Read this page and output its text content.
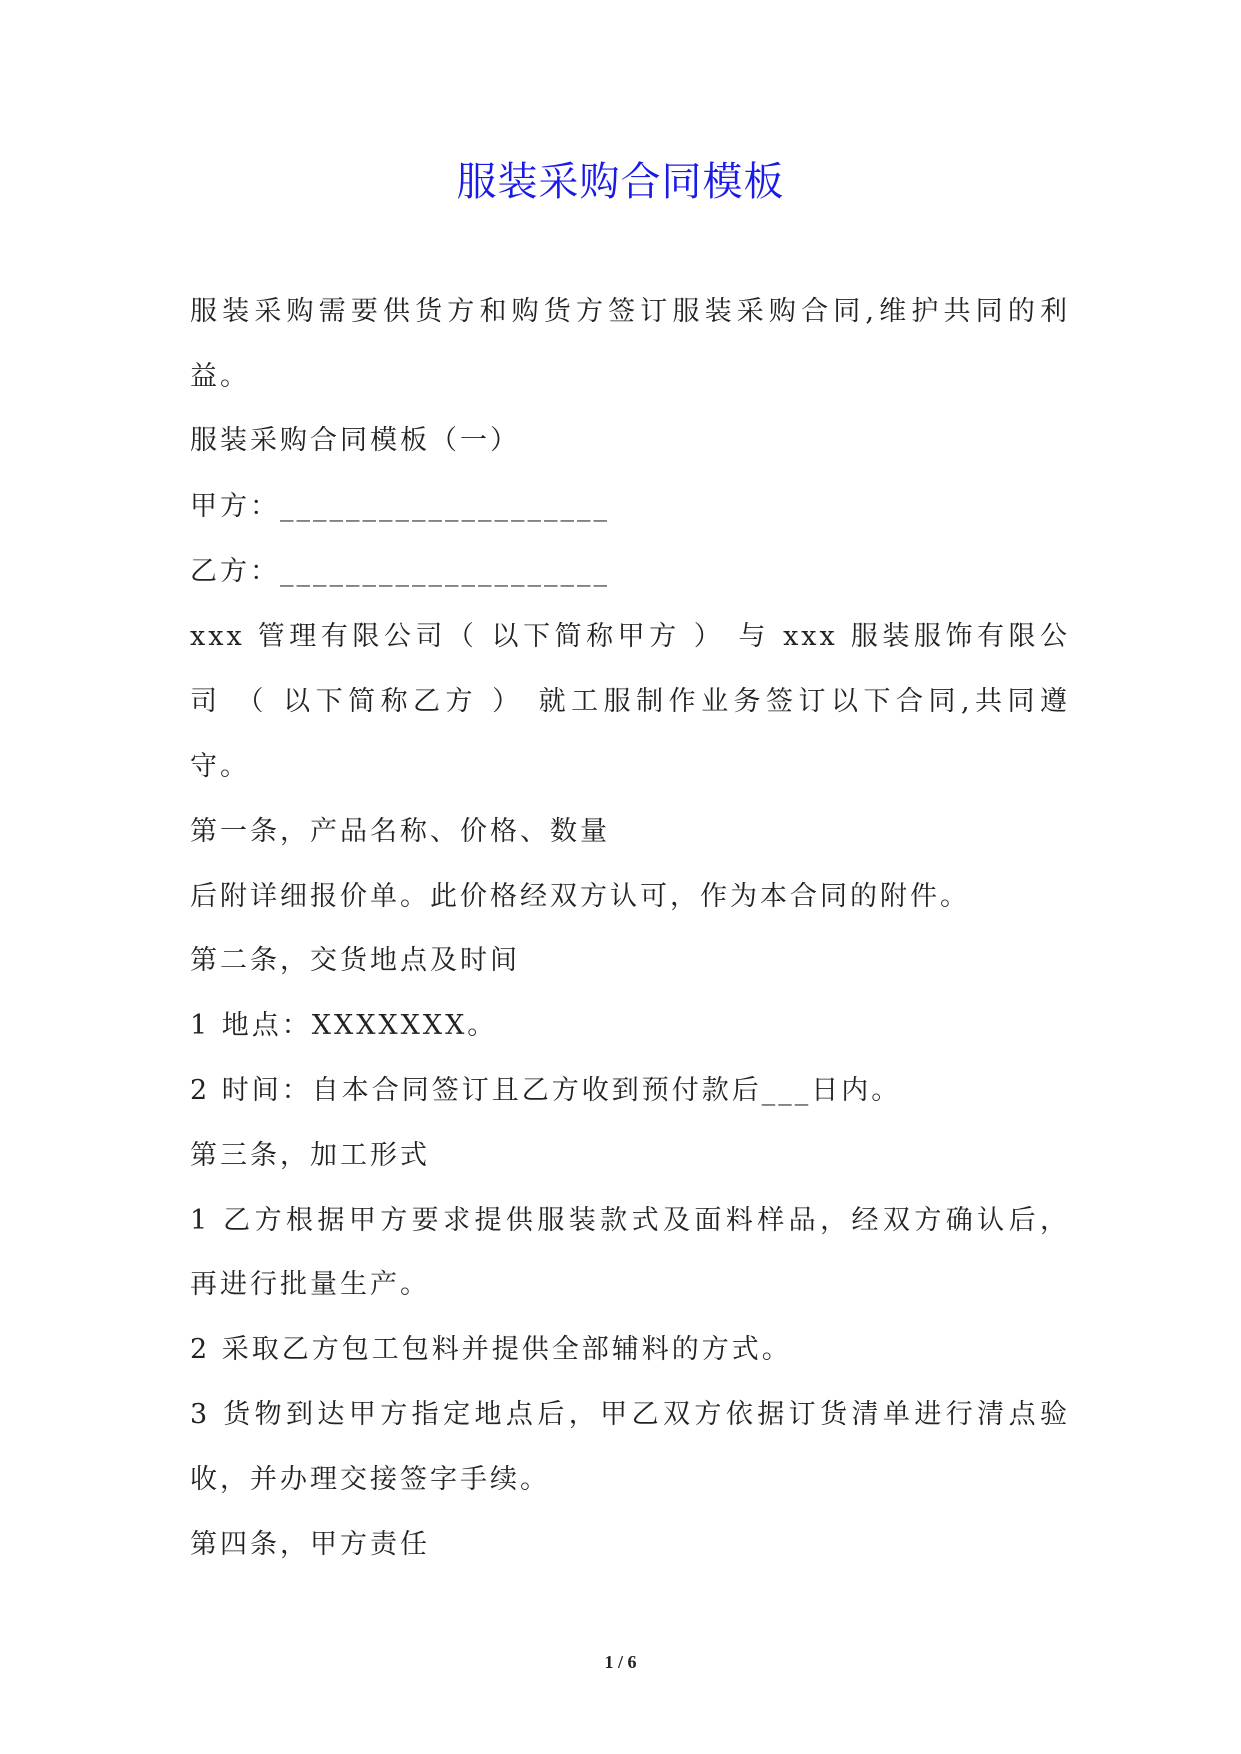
服装采购合同模板
服装采购需要供货方和购货方签订服装采购合同,维护共同的利
益。
服装采购合同模板（一）
甲方：____________________
乙方：____________________
xxx 管理有限公司（ 以下简称甲方 ） 与 xxx 服装服饰有限公
司 （ 以下简称乙方 ） 就工服制作业务签订以下合同,共同遵
守。
第一条，产品名称、价格、数量
后附详细报价单。此价格经双方认可，作为本合同的附件。
第二条，交货地点及时间
1 地点：XXXXXXX。
2 时间：自本合同签订且乙方收到预付款后___日内。
第三条，加工形式
1 乙方根据甲方要求提供服装款式及面料样品，经双方确认后，
再进行批量生产。
2 采取乙方包工包料并提供全部辅料的方式。
3 货物到达甲方指定地点后，甲乙双方依据订货清单进行清点验
收，并办理交接签字手续。
第四条，甲方责任
1 / 6
